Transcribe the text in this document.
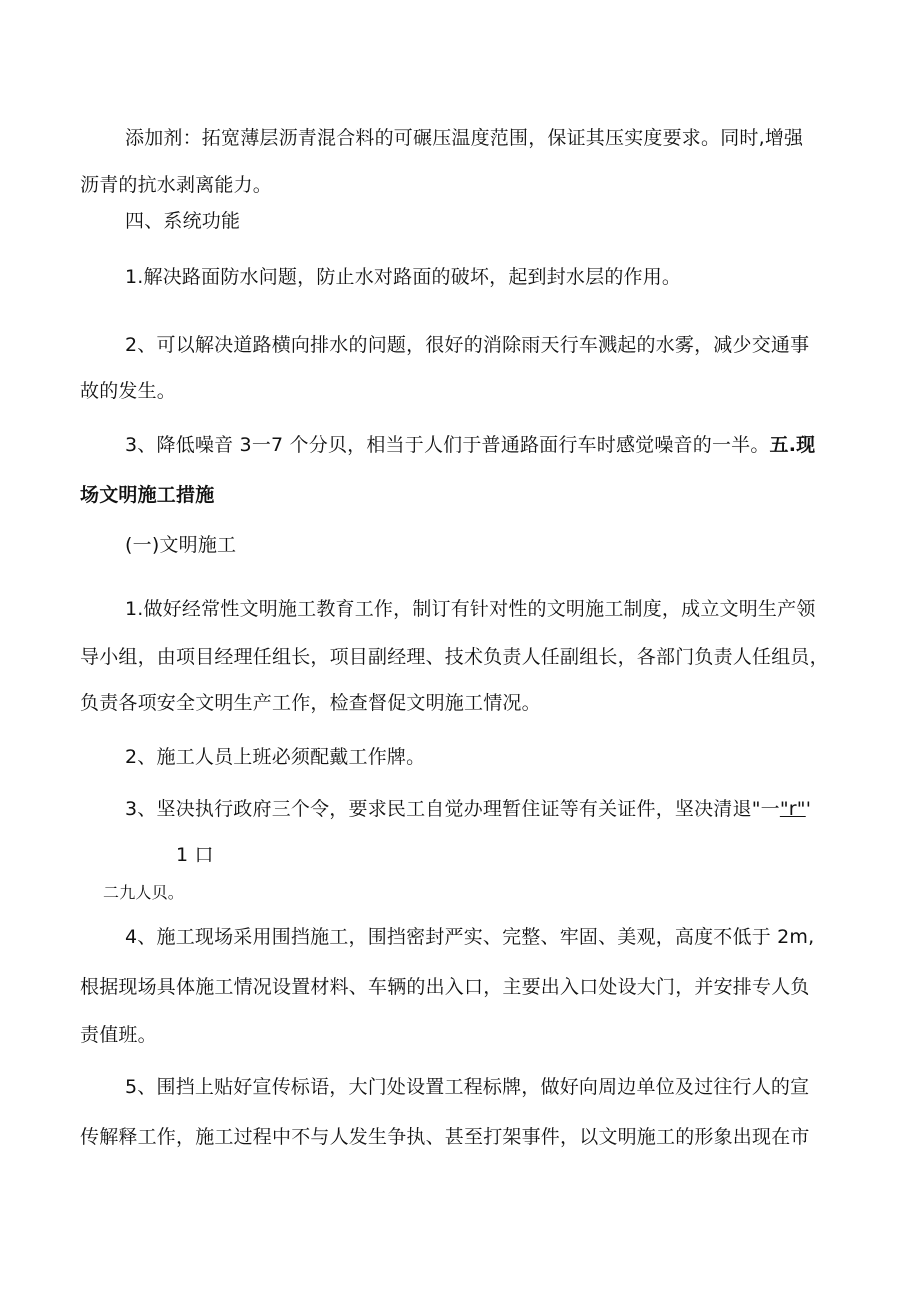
添加剂：拓宽薄层沥青混合料的可碾压温度范围，保证其压实度要求。同时,增强
沥青的抗水剥离能力。
四、系统功能
1.解决路面防水问题，防止水对路面的破坏，起到封水层的作用。
2、可以解决道路横向排水的问题，很好的消除雨天行车溅起的水雾，减少交通事
故的发生。
3、降低噪音 3一7 个分贝，相当于人们于普通路面行车时感觉噪音的一半。五.现
场文明施工措施
(一)文明施工
1.做好经常性文明施工教育工作，制订有针对性的文明施工制度，成立文明生产领
导小组，由项目经理任组长，项目副经理、技术负责人任副组长，各部门负责人任组员，
负责各项安全文明生产工作，检查督促文明施工情况。
2、施工人员上班必须配戴工作牌。
3、坚决执行政府三个令，要求民工自觉办理暂住证等有关证件，坚决清退"一"r"'
1 口
二九人贝。
4、施工现场采用围挡施工，围挡密封严实、完整、牢固、美观，高度不低于 2m,
根据现场具体施工情况设置材料、车辆的出入口，主要出入口处设大门，并安排专人负
责值班。
5、围挡上贴好宣传标语，大门处设置工程标牌，做好向周边单位及过往行人的宣
传解释工作，施工过程中不与人发生争执、甚至打架事件，以文明施工的形象出现在市
